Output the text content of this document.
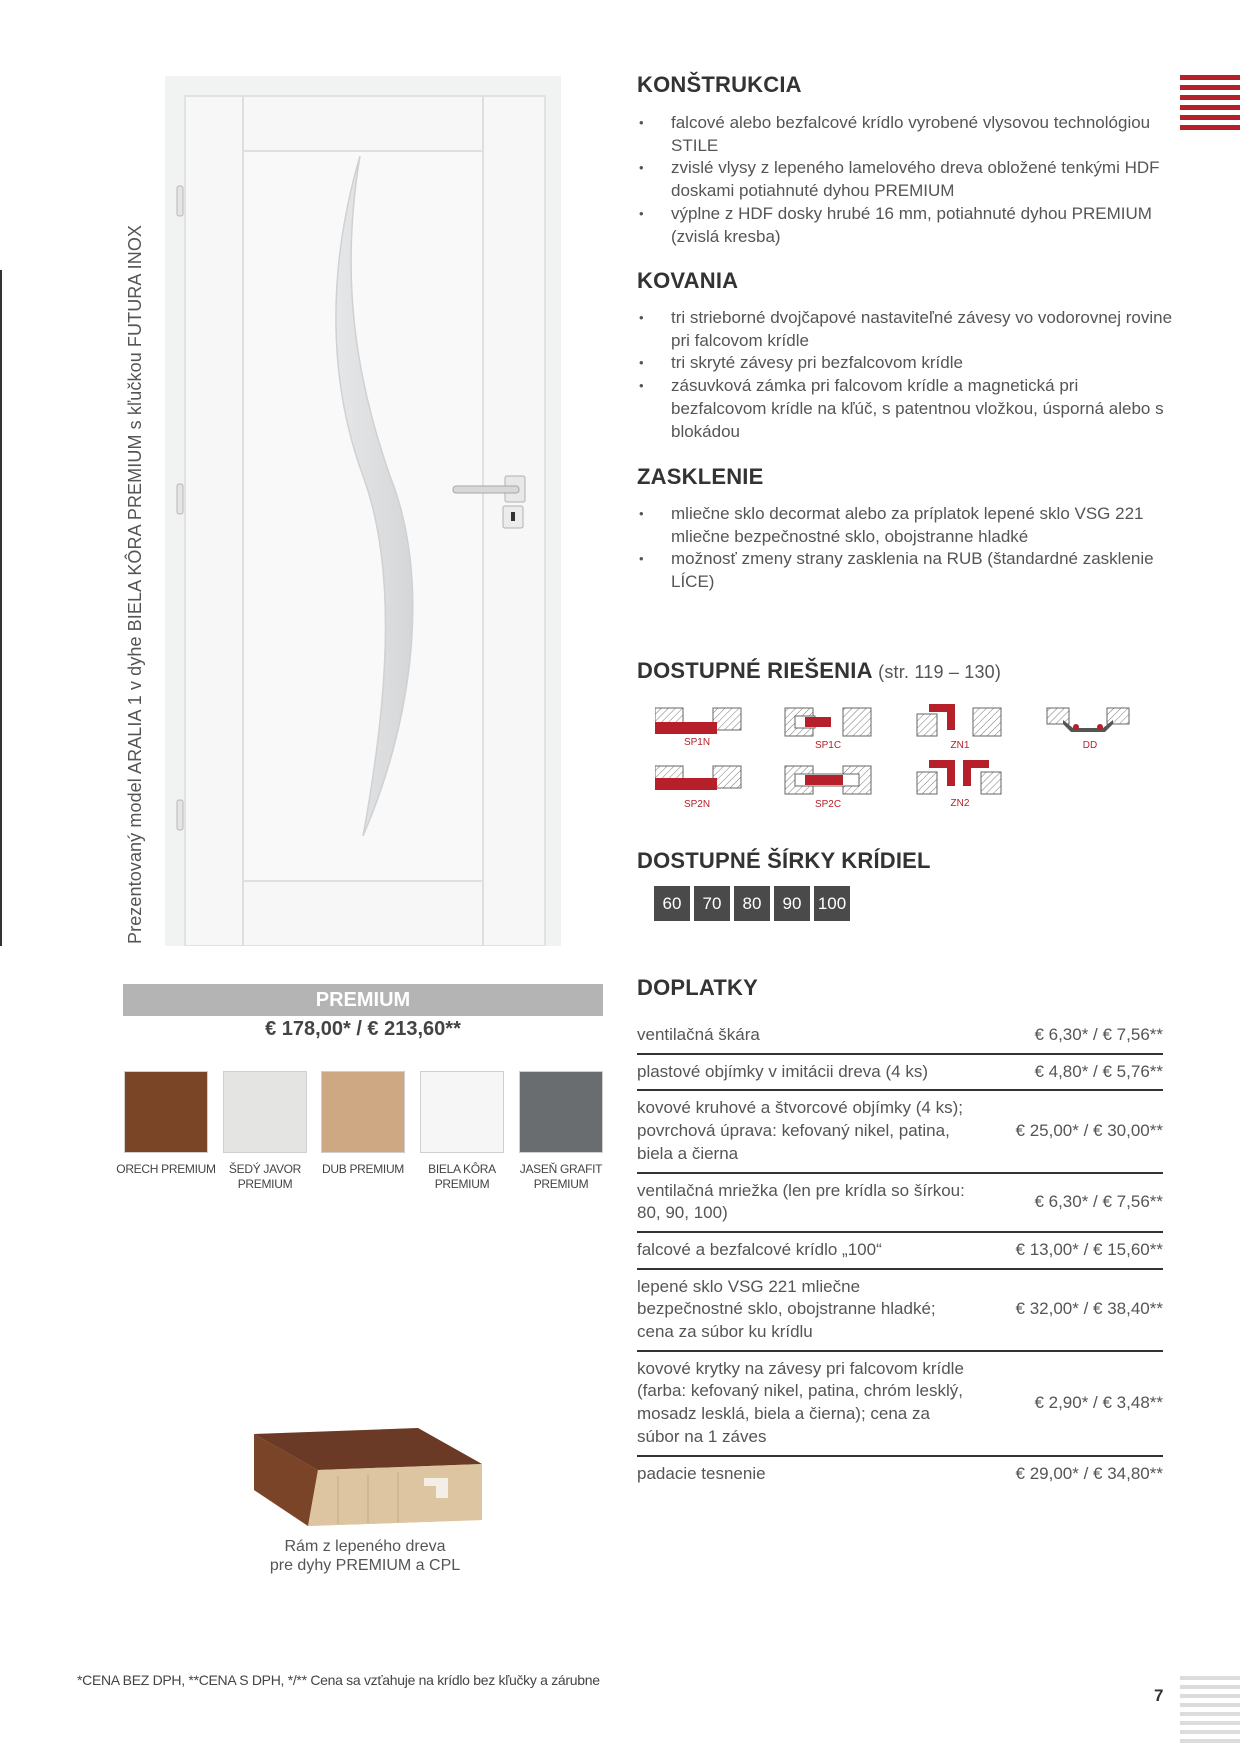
Prezentovaný model ARALIA 1 v dyhe BIELA KÔRA PREMIUM s kľučkou FUTURA INOX
KONŠTRUKCIA
• falcové alebo bezfalcové krídlo vyrobené vlysovou technológiou STILE
• zvislé vlysy z lepeného lamelového dreva obložené tenkými HDF doskami potiahnuté dyhou PREMIUM
• výplne z HDF dosky hrubé 16 mm, potiahnuté dyhou PREMIUM (zvislá kresba)
KOVANIA
• tri strieborné dvojčapové nastaviteľné závesy vo vodorovnej rovine pri falcovom krídle
• tri skryté závesy pri bezfalcovom krídle
• zásuvková zámka pri falcovom krídle a magnetická pri bezfalcovom krídle na kľúč, s patentnou vložkou, úsporná alebo s blokádou
ZASKLENIE
• mliečne sklo decormat alebo za príplatok lepené sklo VSG 221 mliečne bezpečnostné sklo, obojstranne hladké
• možnosť zmeny strany zasklenia na RUB (štandardné zasklenie LÍCE)
DOSTUPNÉ RIEŠENIA (str. 119 – 130)
SP1N	SP1C	ZN1	DD
SP2N	SP2C	ZN2
DOSTUPNÉ ŠÍRKY KRÍDIEL
60	70	80	90 100
PREMIUM
€ 178,00* / € 213,60**
ORECH PREMIUM	ŠEDÝ JAVOR PREMIUM
DUB PREMIUM	BIELA KÔRA PREMIUM
JASEŇ GRAFIT PREMIUM
Rám z lepeného dreva
pre dyhy PREMIUM a CPL
DOPLATKY
ventilačná škára	€ 6,30* / € 7,56**
plastové objímky v imitácii dreva (4 ks)	€ 4,80* / € 5,76**
kovové kruhové a štvorcové objímky (4 ks); povrchová úprava: kefovaný nikel, patina, biela a čierna
€ 25,00* / € 30,00**
ventilačná mriežka (len pre krídla so šírkou: 80, 90, 100)
€ 6,30* / € 7,56**
falcové a bezfalcové krídlo „100“	€ 13,00* / € 15,60**
lepené sklo VSG 221 mliečne bezpečnostné sklo, obojstranne hladké; cena za súbor ku krídlu
€ 32,00* / € 38,40**
kovové krytky na závesy pri falcovom krídle (farba: kefovaný nikel, patina, chróm lesklý, mosadz lesklá, biela a čierna); cena za súbor na 1 záves
€ 2,90* / € 3,48**
padacie tesnenie	€ 29,00* / € 34,80**
*CENA BEZ DPH, **CENA S DPH, */** Cena sa vzťahuje na krídlo bez kľučky a zárubne
7
